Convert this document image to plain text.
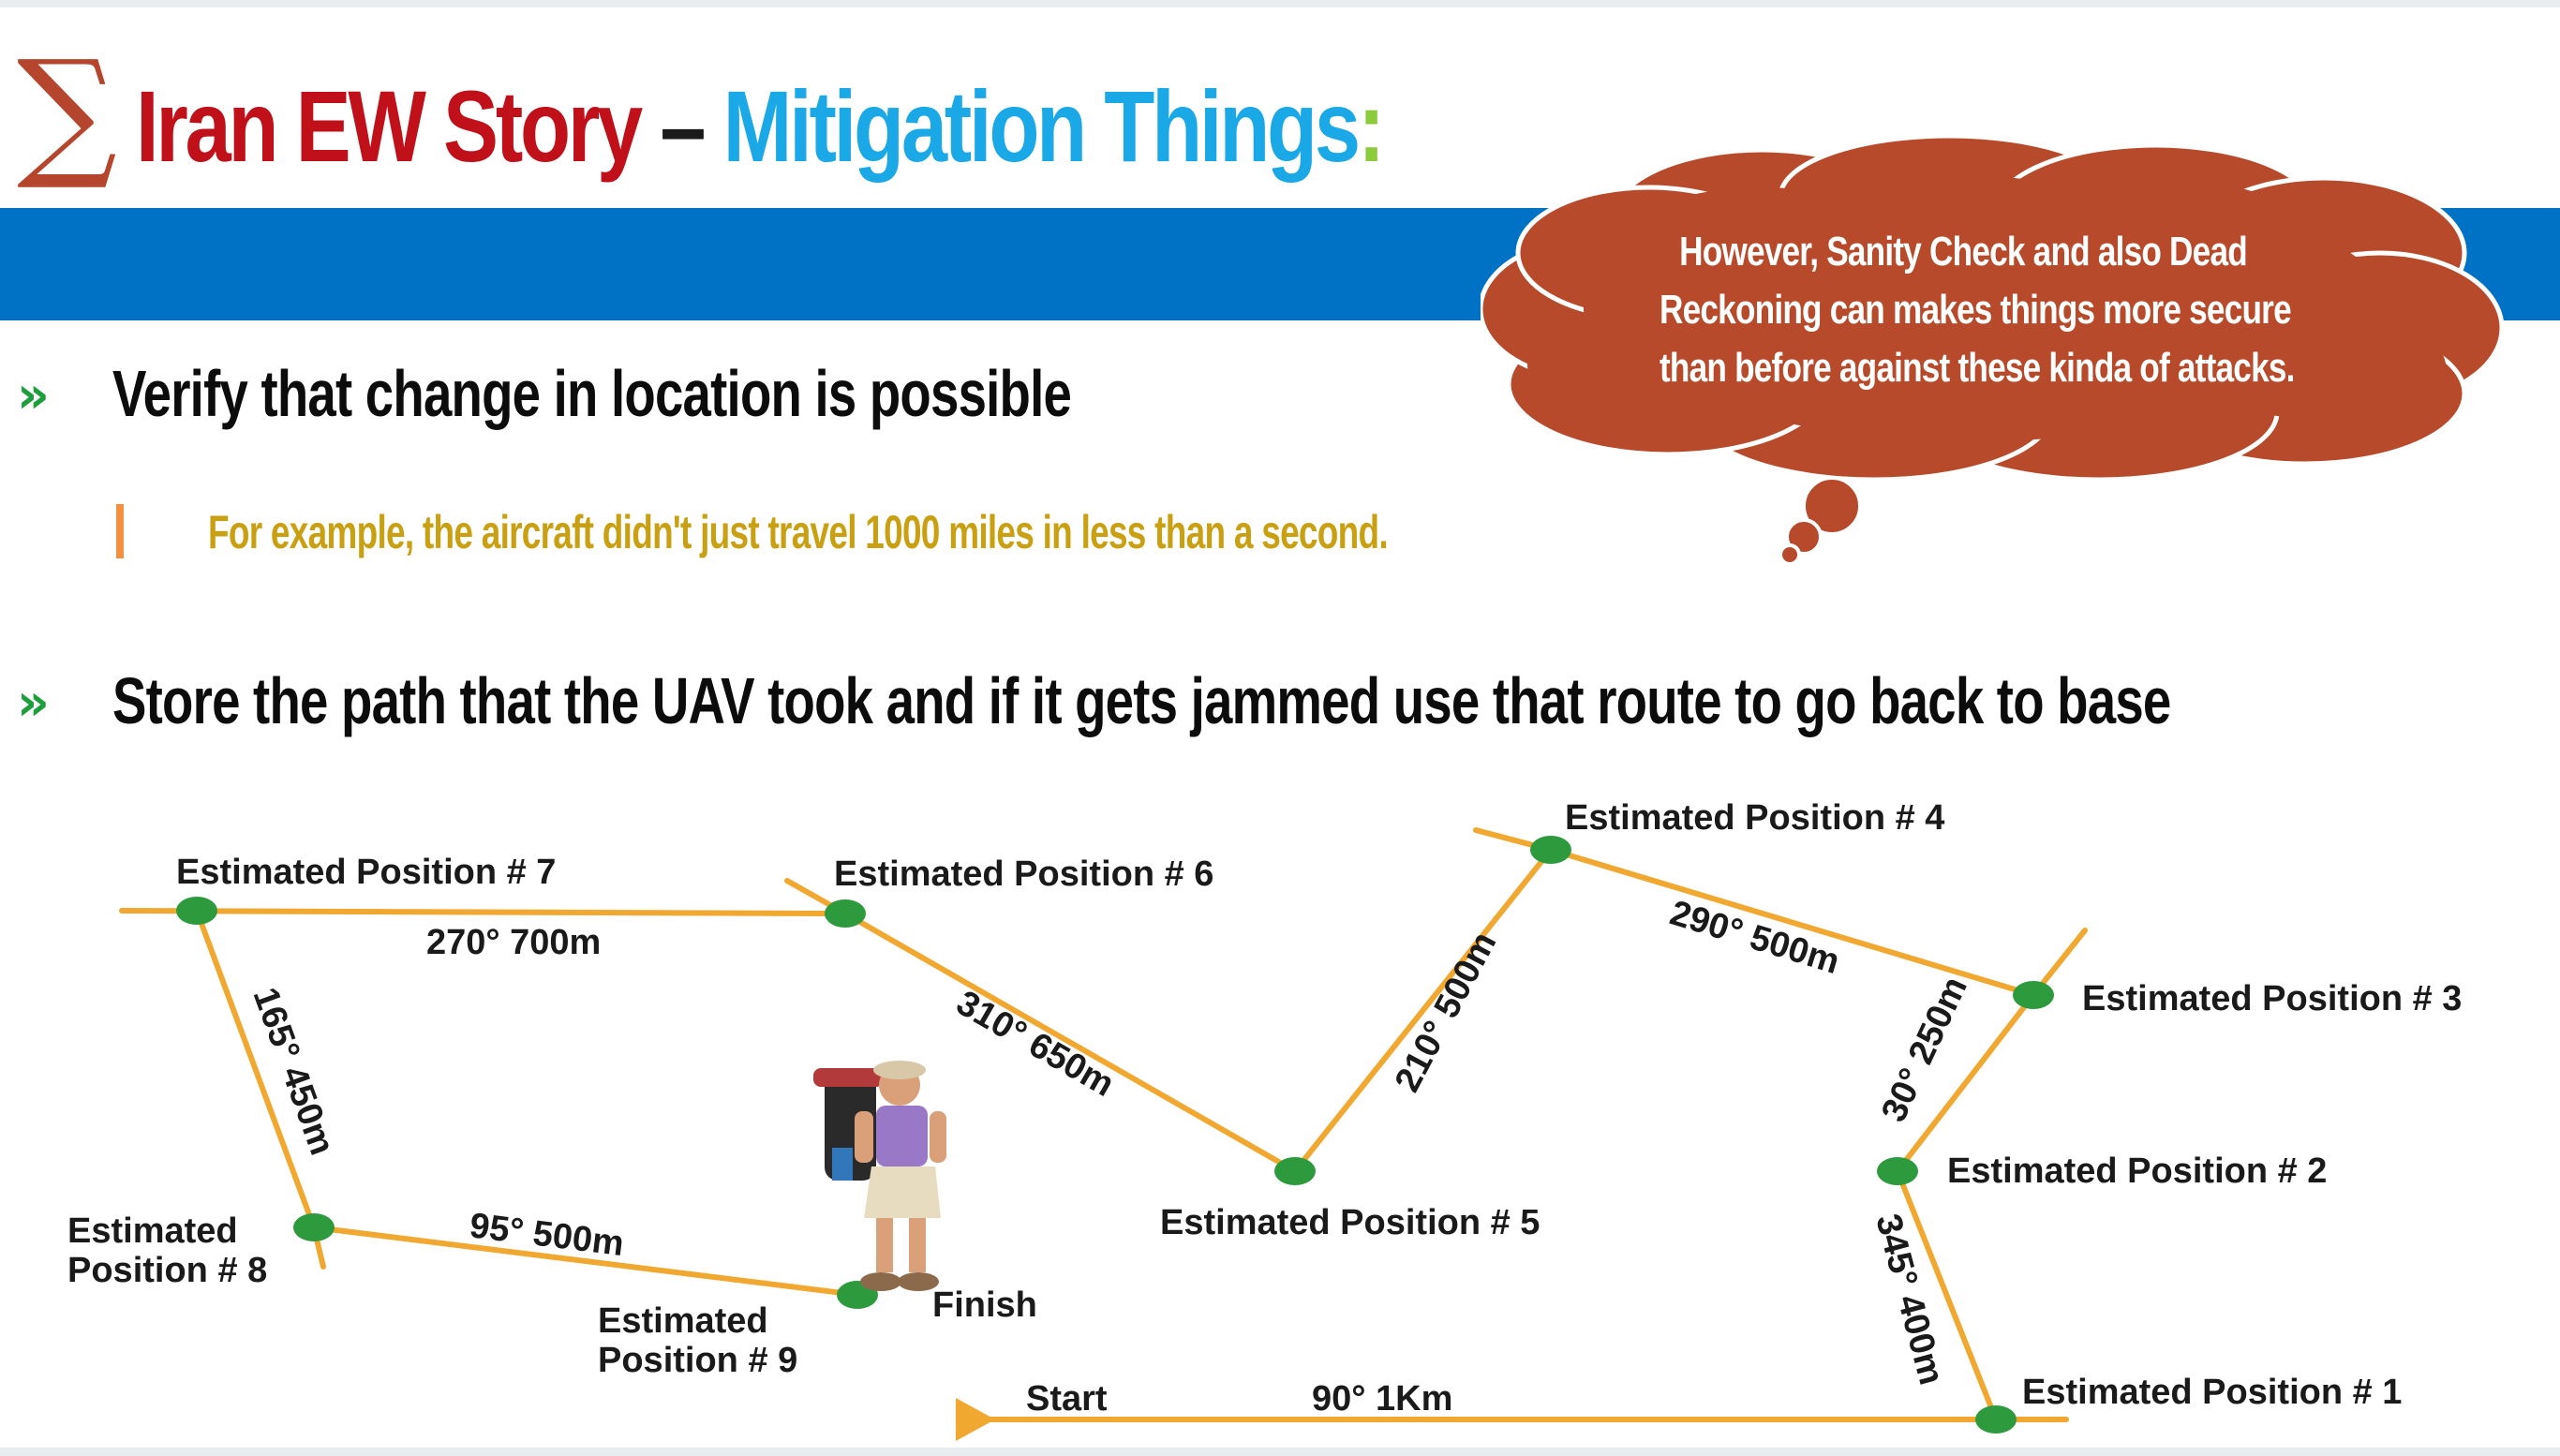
∑ Iran EW Story – Mitigation Things:
However, Sanity Check and also Dead
Reckoning can makes things more secure
than before against these kinda of attacks.
» Verify that change in location is possible
For example, the aircraft didn't just travel 1000 miles in less than a second.
» Store the path that the UAV took and if it gets jammed use that route to go back to base
Estimated Position # 1
Estimated Position # 2
Estimated Position # 3
Estimated Position # 4
Estimated Position # 5
Estimated Position # 6
Estimated Position # 7
Estimated
Position # 8
Estimated
Position # 9
Start
Finish
90° 1Km
270° 700m
95° 500m
165° 450m	310° 650m	210° 500m	290° 500m
30° 250m
345° 400m
